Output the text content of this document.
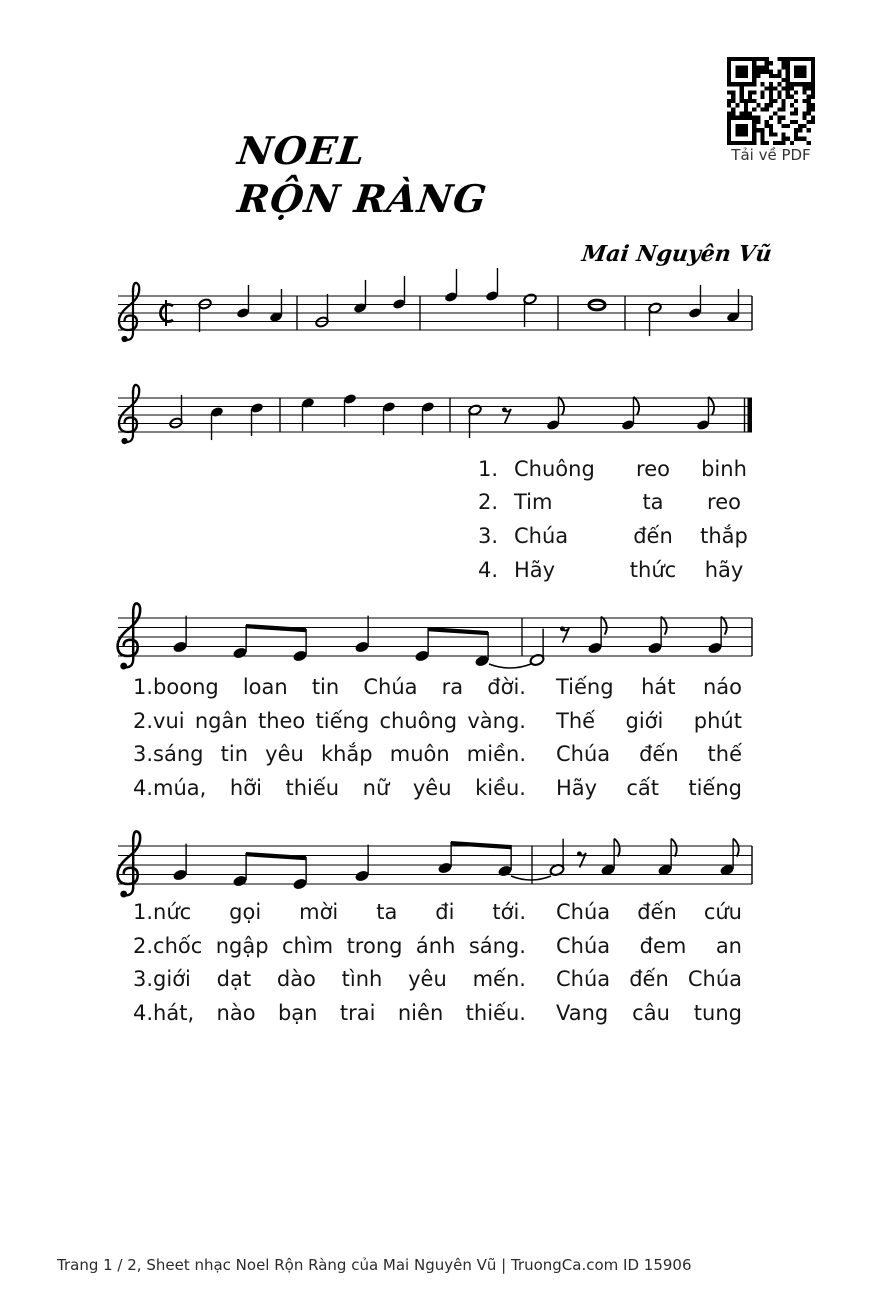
Tải về PDF
NOEL
RỘN RÀNG
Mai Nguyên Vũ
1. Chuông	reo	binh
2. Tim	ta	reo
3. Chúa	đến	thắp
4. Hãy	thức	hãy
1.boong loan tin Chúa ra đời. Tiếng hát náo
2.vui ngân theo tiếng chuông vàng. Thế giới phút
3.sáng tin yêu khắp muôn miền. Chúa đến thế
4.múa, hỡi thiếu nữ yêu kiều. Hãy cất tiếng
1.nức gọi mời ta đi tới. Chúa đến cứu
2.chốc ngập chìm trong ánh sáng. Chúa đem an
3.giới dạt dào tình yêu mến. Chúa đến Chúa
4.hát, nào bạn trai niên thiếu. Vang câu tung
Trang 1 / 2, Sheet nhạc Noel Rộn Ràng của Mai Nguyên Vũ | TruongCa.com ID 15906
